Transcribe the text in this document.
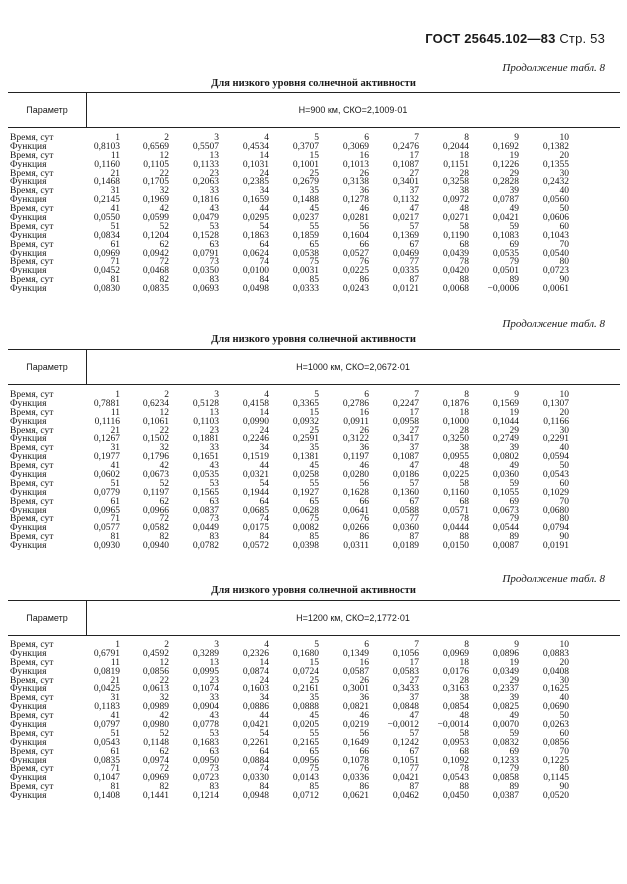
ГОСТ 25645.102—83 Стр. 53
Продолжение табл. 8
Для низкого уровня солнечной активности
Параметр	H=900 км, СКО=2,1009·01
Время, сут	1	2	3	4	5	6	7	8	9	10
Функция	0,8103	0,6569	0,5507	0,4534	0,3707	0,3069	0,2476	0,2044	0,1692	0,1382
Время, сут	11	12	13	14	15	16	17	18	19	20
Функция	0,1160	0,1105	0,1133	0,1031	0,1001	0,1013	0,1087	0,1151	0,1226	0,1355
Время, сут	21	22	23	24	25	26	27	28	29	30
Функция	0,1468	0,1705	0,2063	0,2385	0,2679	0,3138	0,3401	0,3258	0,2828	0,2432
Время, сут	31	32	33	34	35	36	37	38	39	40
Функция	0,2145	0,1969	0,1816	0,1659	0,1488	0,1278	0,1132	0,0972	0,0787	0,0560
Время, сут	41	42	43	44	45	46	47	48	49	50
Функция	0,0550	0,0599	0,0479	0,0295	0,0237	0,0281	0,0217	0,0271	0,0421	0,0606
Время, сут	51	52	53	54	55	56	57	58	59	60
Функция	0,0834	0,1204	0,1528	0,1863	0,1859	0,1604	0,1369	0,1190	0,1083	0,1043
Время, сут	61	62	63	64	65	66	67	68	69	70
Функция	0,0969	0,0942	0,0791	0,0624	0,0538	0,0527	0,0469	0,0439	0,0535	0,0540
Время, сут	71	72	73	74	75	76	77	78	79	80
Функция	0,0452	0,0468	0,0350	0,0100	0,0031	0,0225	0,0335	0,0420	0,0501	0,0723
Время, сут	81	82	83	84	85	86	87	88	89	90
Функция	0,0830	0,0835	0,0693	0,0498	0,0333	0,0243	0,0121	0,0068	−0,0006	0,0061
Продолжение табл. 8
Для низкого уровня солнечной активности
Параметр	H=1000 км, СКО=2,0672·01
Время, сут	1	2	3	4	5	6	7	8	9	10
Функция	0,7881	0,6234	0,5128	0,4158	0,3365	0,2786	0,2247	0,1876	0,1569	0,1307
Время, сут	11	12	13	14	15	16	17	18	19	20
Функция	0,1116	0,1061	0,1103	0,0990	0,0932	0,0911	0,0958	0,1000	0,1044	0,1166
Время, сут	21	22	23	24	25	26	27	28	29	30
Функция	0,1267	0,1502	0,1881	0,2246	0,2591	0,3122	0,3417	0,3250	0,2749	0,2291
Время, сут	31	32	33	34	35	36	37	38	39	40
Функция	0,1977	0,1796	0,1651	0,1519	0,1381	0,1197	0,1087	0,0955	0,0802	0,0594
Время, сут	41	42	43	44	45	46	47	48	49	50
Функция	0,0602	0,0673	0,0535	0,0321	0,0258	0,0280	0,0186	0,0225	0,0360	0,0543
Время, сут	51	52	53	54	55	56	57	58	59	60
Функция	0,0779	0,1197	0,1565	0,1944	0,1927	0,1628	0,1360	0,1160	0,1055	0,1029
Время, сут	61	62	63	64	65	66	67	68	69	70
Функция	0,0965	0,0966	0,0837	0,0685	0,0628	0,0641	0,0588	0,0571	0,0673	0,0680
Время, сут	71	72	73	74	75	76	77	78	79	80
Функция	0,0577	0,0582	0,0449	0,0175	0,0082	0,0266	0,0360	0,0444	0,0544	0,0794
Время, сут	81	82	83	84	85	86	87	88	89	90
Функция	0,0930	0,0940	0,0782	0,0572	0,0398	0,0311	0,0189	0,0150	0,0087	0,0191
Продолжение табл. 8
Для низкого уровня солнечной активности
Параметр	H=1200 км, СКО=2,1772·01
Время, сут	1	2	3	4	5	6	7	8	9	10
Функция	0,6791	0,4592	0,3289	0,2326	0,1680	0,1349	0,1056	0,0969	0,0896	0,0883
Время, сут	11	12	13	14	15	16	17	18	19	20
Функция	0,0819	0,0856	0,0995	0,0874	0,0724	0,0587	0,0583	0,0176	0,0349	0,0408
Время, сут	21	22	23	24	25	26	27	28	29	30
Функция	0,0425	0,0613	0,1074	0,1603	0,2161	0,3001	0,3433	0,3163	0,2337	0,1625
Время, сут	31	32	33	34	35	36	37	38	39	40
Функция	0,1183	0,0989	0,0904	0,0886	0,0888	0,0821	0,0848	0,0854	0,0825	0,0690
Время, сут	41	42	43	44	45	46	47	48	49	50
Функция	0,0797	0,0980	0,0778	0,0421	0,0205	0,0219	−0,0012	−0,0014	0,0070	0,0263
Время, сут	51	52	53	54	55	56	57	58	59	60
Функция	0,0543	0,1148	0,1683	0,2261	0,2165	0,1649	0,1242	0,0953	0,0832	0,0856
Время, сут	61	62	63	64	65	66	67	68	69	70
Функция	0,0835	0,0974	0,0950	0,0884	0,0956	0,1078	0,1051	0,1092	0,1233	0,1225
Время, сут	71	72	73	74	75	76	77	78	79	80
Функция	0,1047	0,0969	0,0723	0,0330	0,0143	0,0336	0,0421	0,0543	0,0858	0,1145
Время, сут	81	82	83	84	85	86	87	88	89	90
Функция	0,1408	0,1441	0,1214	0,0948	0,0712	0,0621	0,0462	0,0450	0,0387	0,0520
